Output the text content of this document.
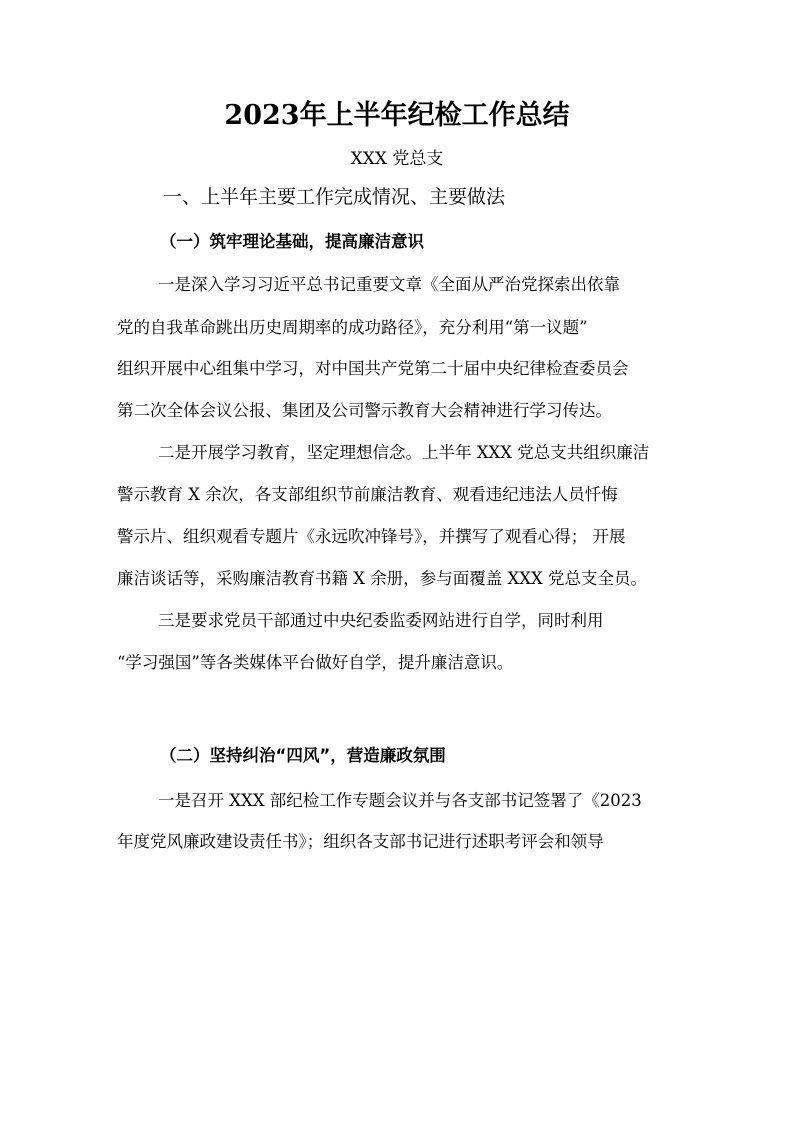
2023年上半年纪检工作总结
XXX 党总支
一、上半年主要工作完成情况、主要做法
（一）筑牢理论基础，提高廉洁意识
一是深入学习习近平总书记重要文章《全面从严治党探索出依靠
党的自我革命跳出历史周期率的成功路径》，充分利用“第一议题”
组织开展中心组集中学习，对中国共产党第二十届中央纪律检查委员会
第二次全体会议公报、集团及公司警示教育大会精神进行学习传达。
二是开展学习教育，坚定理想信念。上半年 XXX 党总支共组织廉洁
警示教育 X 余次，各支部组织节前廉洁教育、观看违纪违法人员忏悔
警示片、组织观看专题片《永远吹冲锋号》，并撰写了观看心得； 开展
廉洁谈话等，采购廉洁教育书籍 X 余册，参与面覆盖 XXX 党总支全员。
三是要求党员干部通过中央纪委监委网站进行自学，同时利用
“学习强国”等各类媒体平台做好自学，提升廉洁意识。
（二）坚持纠治“四风”，营造廉政氛围
一是召开 XXX 部纪检工作专题会议并与各支部书记签署了《2023
年度党风廉政建设责任书》；组织各支部书记进行述职考评会和领导
